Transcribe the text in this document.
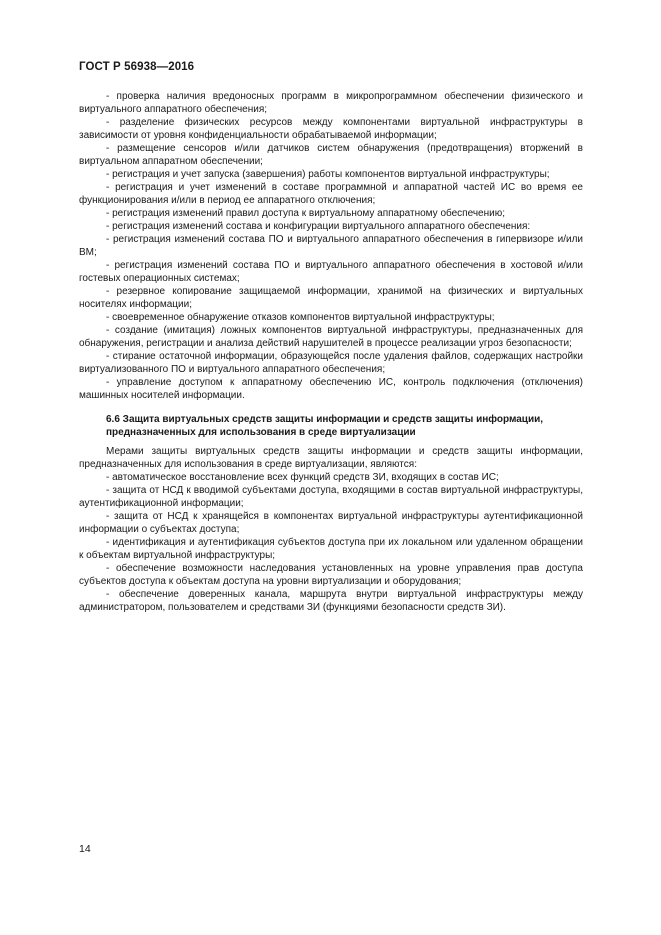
ГОСТ Р 56938—2016

- проверка наличия вредоносных программ в микропрограммном обеспечении физического и виртуального аппаратного обеспечения;

- разделение физических ресурсов между компонентами виртуальной инфраструктуры в зависимости от уровня конфиденциальности обрабатываемой информации;

- размещение сенсоров и/или датчиков систем обнаружения (предотвращения) вторжений в виртуальном аппаратном обеспечении;

- регистрация и учет запуска (завершения) работы компонентов виртуальной инфраструктуры;

- регистрация и учет изменений в составе программной и аппаратной частей ИС во время ее функционирования и/или в период ее аппаратного отключения;

- регистрация изменений правил доступа к виртуальному аппаратному обеспечению;

- регистрация изменений состава и конфигурации виртуального аппаратного обеспечения:

- регистрация изменений состава ПО и виртуального аппаратного обеспечения в гипервизоре и/или ВМ;

- регистрация изменений состава ПО и виртуального аппаратного обеспечения в хостовой и/или гостевых операционных системах;

- резервное копирование защищаемой информации, хранимой на физических и виртуальных носителях информации;

- своевременное обнаружение отказов компонентов виртуальной инфраструктуры;

- создание (имитация) ложных компонентов виртуальной инфраструктуры, предназначенных для обнаружения, регистрации и анализа действий нарушителей в процессе реализации угроз безопасности;

- стирание остаточной информации, образующейся после удаления файлов, содержащих настройки виртуализованного ПО и виртуального аппаратного обеспечения;

- управление доступом к аппаратному обеспечению ИС, контроль подключения (отключения) машинных носителей информации.

6.6 Защита виртуальных средств защиты информации и средств защиты информации,
предназначенных для использования в среде виртуализации

Мерами защиты виртуальных средств защиты информации и средств защиты информации, предназначенных для использования в среде виртуализации, являются:

- автоматическое восстановление всех функций средств ЗИ, входящих в состав ИС;

- защита от НСД к вводимой субъектами доступа, входящими в состав виртуальной инфраструктуры, аутентификационной информации;

- защита от НСД к хранящейся в компонентах виртуальной инфраструктуры аутентификационной информации о субъектах доступа;

- идентификация и аутентификация субъектов доступа при их локальном или удаленном обращении к объектам виртуальной инфраструктуры;

- обеспечение возможности наследования установленных на уровне управления прав доступа субъектов доступа к объектам доступа на уровни виртуализации и оборудования;

- обеспечение доверенных канала, маршрута внутри виртуальной инфраструктуры между администратором, пользователем и средствами ЗИ (функциями безопасности средств ЗИ).

14
